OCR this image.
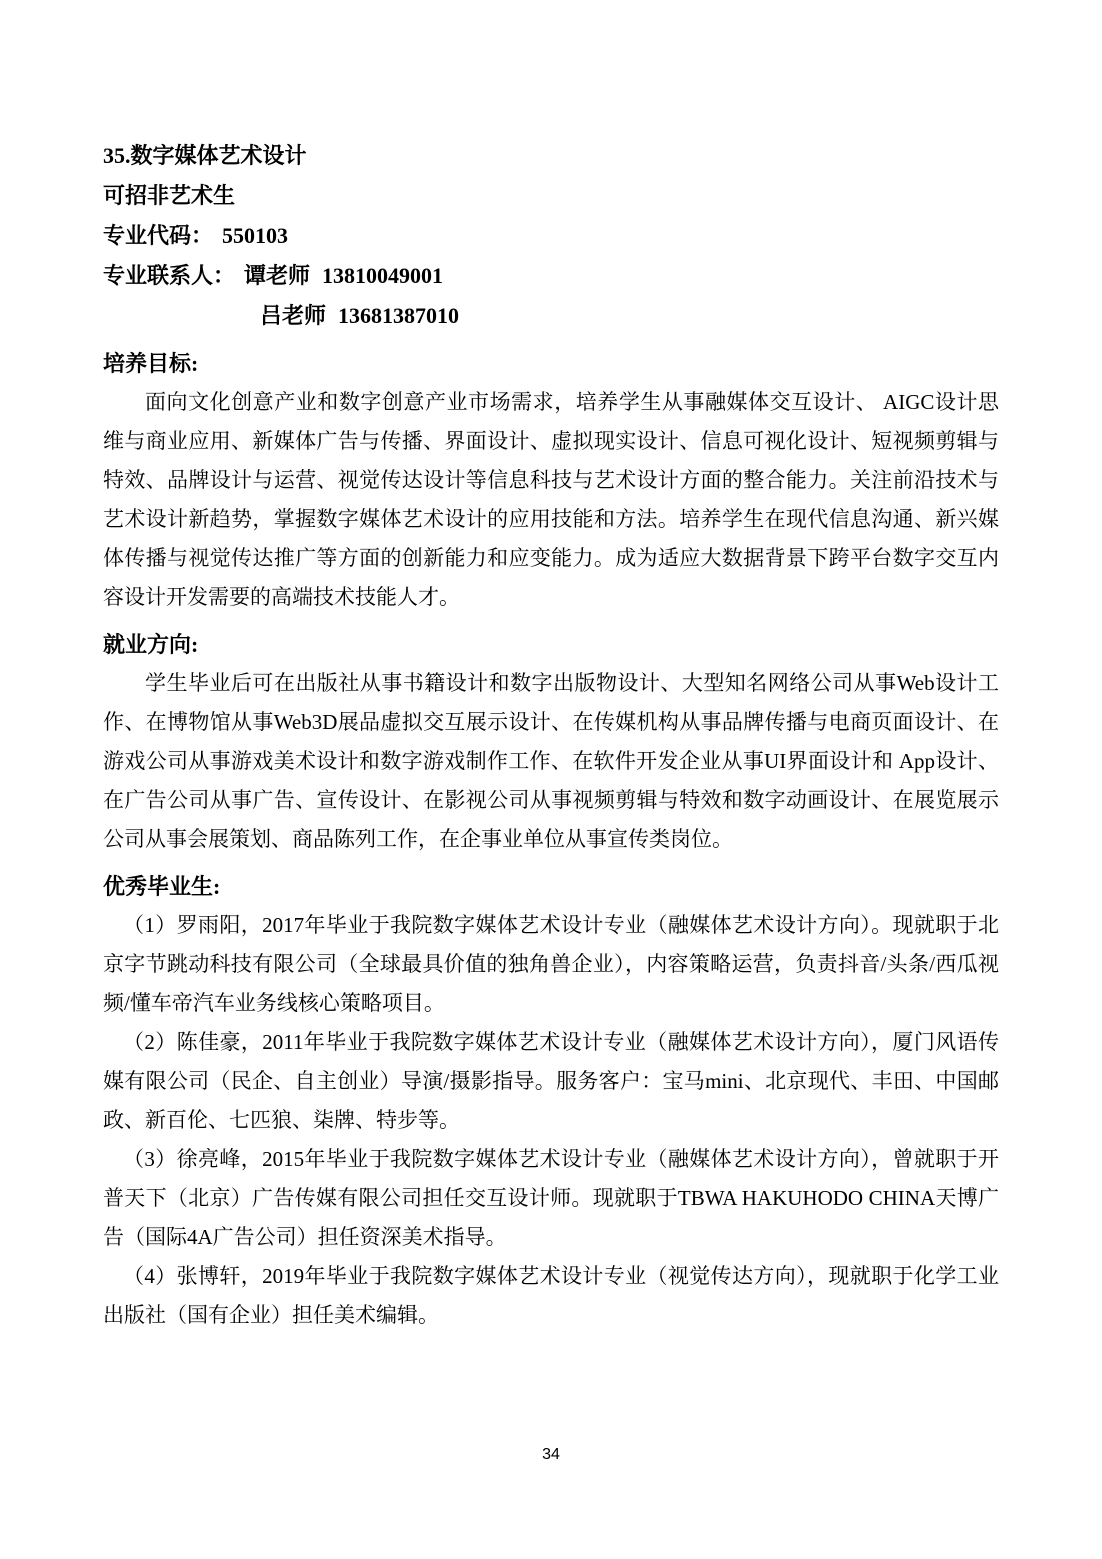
35.数字媒体艺术设计

可招非艺术生

专业代码： 550103

专业联系人： 谭老师 13810049001

吕老师 13681387010

培养目标:

面向文化创意产业和数字创意产业市场需求，培养学生从事融媒体交互设计、 AIGC设计思维与商业应用、新媒体广告与传播、界面设计、虚拟现实设计、信息可视化设计、短视频剪辑与特效、品牌设计与运营、视觉传达设计等信息科技与艺术设计方面的整合能力。关注前沿技术与艺术设计新趋势，掌握数字媒体艺术设计的应用技能和方法。培养学生在现代信息沟通、新兴媒体传播与视觉传达推广等方面的创新能力和应变能力。成为适应大数据背景下跨平台数字交互内容设计开发需要的高端技术技能人才。

就业方向:

学生毕业后可在出版社从事书籍设计和数字出版物设计、大型知名网络公司从事Web设计工作、在博物馆从事Web3D展品虚拟交互展示设计、在传媒机构从事品牌传播与电商页面设计、在游戏公司从事游戏美术设计和数字游戏制作工作、在软件开发企业从事UI界面设计和 App设计、在广告公司从事广告、宣传设计、在影视公司从事视频剪辑与特效和数字动画设计、在展览展示公司从事会展策划、商品陈列工作，在企事业单位从事宣传类岗位。

优秀毕业生:

（1）罗雨阳，2017年毕业于我院数字媒体艺术设计专业（融媒体艺术设计方向）。现就职于北京字节跳动科技有限公司（全球最具价值的独角兽企业），内容策略运营，负责抖音/头条/西瓜视频/懂车帝汽车业务线核心策略项目。

（2）陈佳豪，2011年毕业于我院数字媒体艺术设计专业（融媒体艺术设计方向），厦门风语传媒有限公司（民企、自主创业）导演/摄影指导。服务客户：宝马mini、北京现代、丰田、中国邮政、新百伦、七匹狼、柒牌、特步等。

（3）徐亮峰，2015年毕业于我院数字媒体艺术设计专业（融媒体艺术设计方向），曾就职于开普天下（北京）广告传媒有限公司担任交互设计师。现就职于TBWA HAKUHODO CHINA天博广告（国际4A广告公司）担任资深美术指导。

（4）张博轩，2019年毕业于我院数字媒体艺术设计专业（视觉传达方向），现就职于化学工业出版社（国有企业）担任美术编辑。

34
